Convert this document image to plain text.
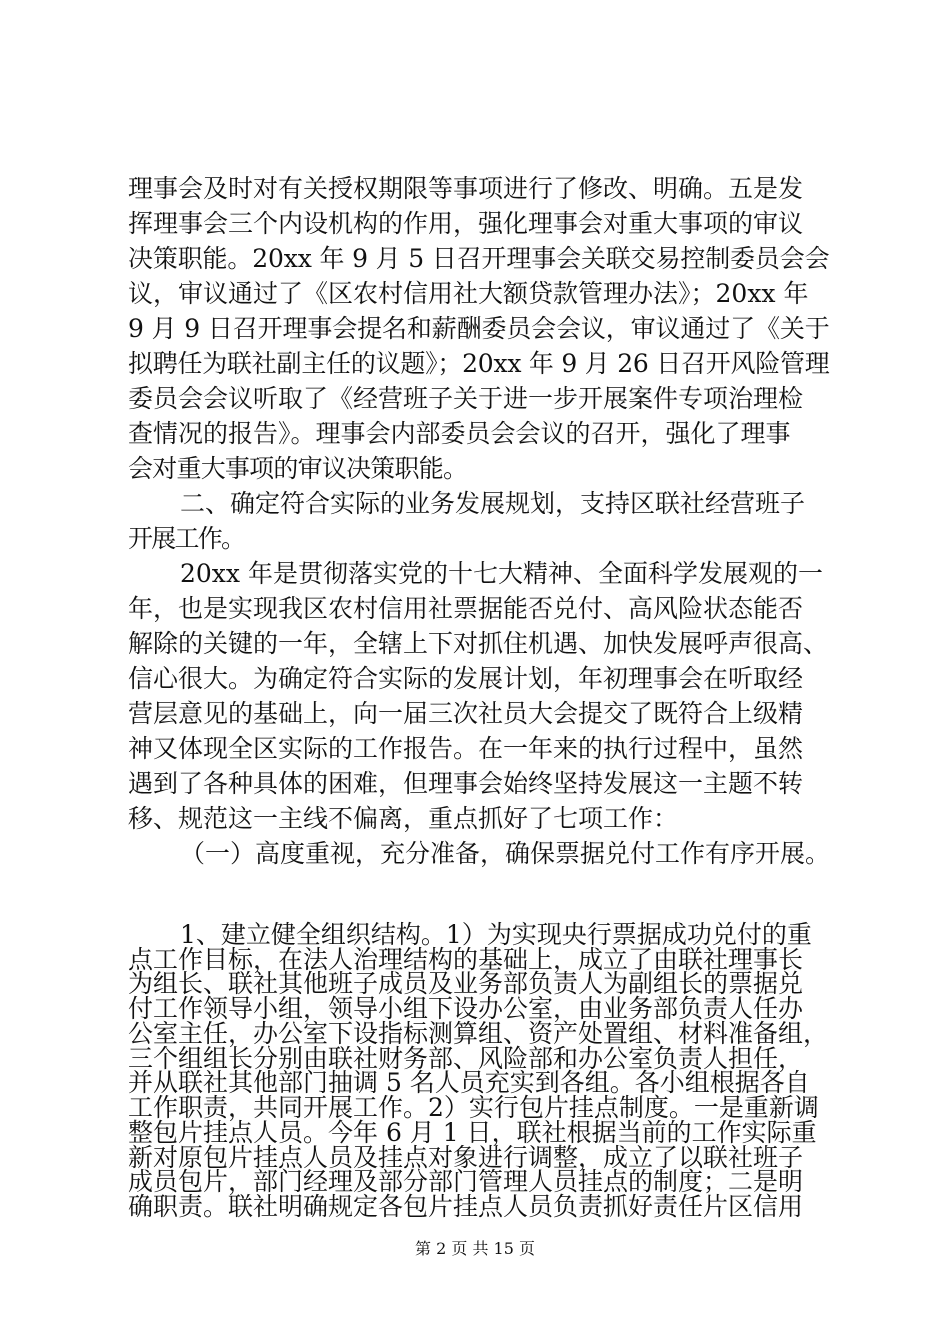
理事会及时对有关授权期限等事项进行了修改、明确。五是发
挥理事会三个内设机构的作用，强化理事会对重大事项的审议
决策职能。20xx 年 9 月 5 日召开理事会关联交易控制委员会会
议，审议通过了《区农村信用社大额贷款管理办法》；20xx 年
9 月 9 日召开理事会提名和薪酬委员会会议，审议通过了《关于
拟聘任为联社副主任的议题》；20xx 年 9 月 26 日召开风险管理
委员会会议听取了《经营班子关于进一步开展案件专项治理检
查情况的报告》。理事会内部委员会会议的召开，强化了理事
会对重大事项的审议决策职能。
二、确定符合实际的业务发展规划，支持区联社经营班子
开展工作。
20xx 年是贯彻落实党的十七大精神、全面科学发展观的一
年，也是实现我区农村信用社票据能否兑付、高风险状态能否
解除的关键的一年，全辖上下对抓住机遇、加快发展呼声很高、
信心很大。为确定符合实际的发展计划，年初理事会在听取经
营层意见的基础上，向一届三次社员大会提交了既符合上级精
神又体现全区实际的工作报告。在一年来的执行过程中，虽然
遇到了各种具体的困难，但理事会始终坚持发展这一主题不转
移、规范这一主线不偏离，重点抓好了七项工作：
（一）高度重视，充分准备，确保票据兑付工作有序开展。
1、建立健全组织结构。1）为实现央行票据成功兑付的重
点工作目标，在法人治理结构的基础上，成立了由联社理事长
为组长、联社其他班子成员及业务部负责人为副组长的票据兑
付工作领导小组，领导小组下设办公室，由业务部负责人任办
公室主任，办公室下设指标测算组、资产处置组、材料准备组，
三个组组长分别由联社财务部、风险部和办公室负责人担任，
并从联社其他部门抽调 5 名人员充实到各组。各小组根据各自
工作职责，共同开展工作。2）实行包片挂点制度。一是重新调
整包片挂点人员。今年 6 月 1 日，联社根据当前的工作实际重
新对原包片挂点人员及挂点对象进行调整，成立了以联社班子
成员包片，部门经理及部分部门管理人员挂点的制度；二是明
确职责。联社明确规定各包片挂点人员负责抓好责任片区信用
第 2 页 共 15 页
